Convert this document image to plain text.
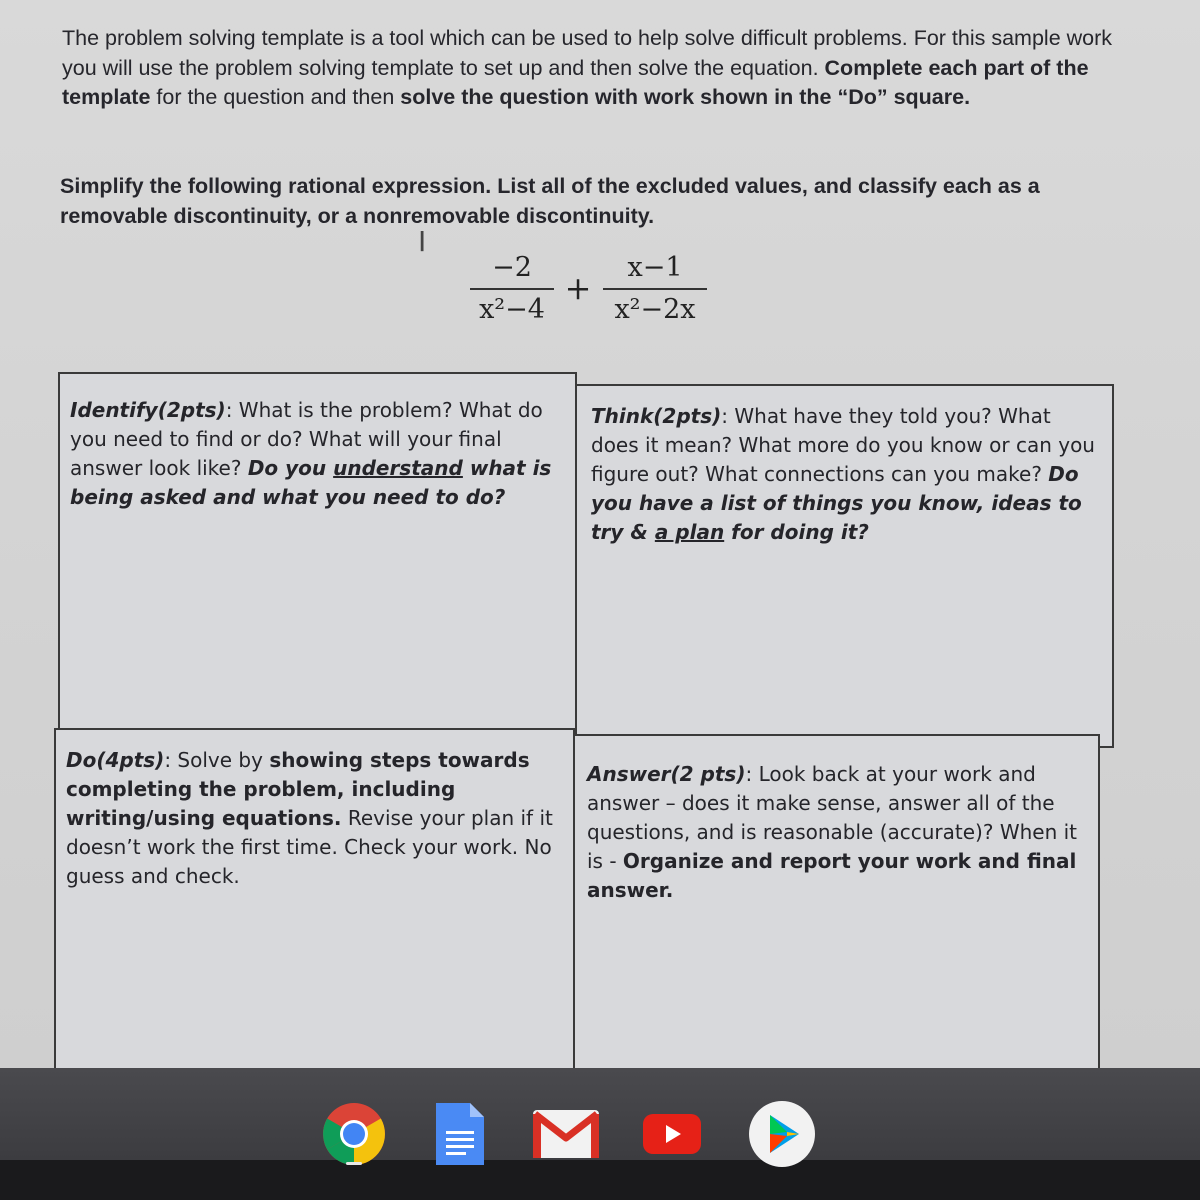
The problem solving template is a tool which can be used to help solve difficult problems. For this sample work you will use the problem solving template to set up and then solve the equation. Complete each part of the template for the question and then solve the question with work shown in the “Do” square.
Simplify the following rational expression. List all of the excluded values, and classify each as a removable discontinuity, or a nonremovable discontinuity.
I
−2
x²−4
+
x−1
x²−2x
Identify(2pts): What is the problem? What do you need to find or do? What will your final answer look like? Do you understand what is being asked and what you need to do?
Think(2pts): What have they told you? What does it mean? What more do you know or can you figure out? What connections can you make? Do you have a list of things you know, ideas to try & a plan for doing it?
Do(4pts): Solve by showing steps towards completing the problem, including writing/using equations. Revise your plan if it doesn’t work the first time. Check your work. No guess and check.
Answer(2 pts): Look back at your work and answer – does it make sense, answer all of the questions, and is reasonable (accurate)? When it is - Organize and report your work and final answer.
